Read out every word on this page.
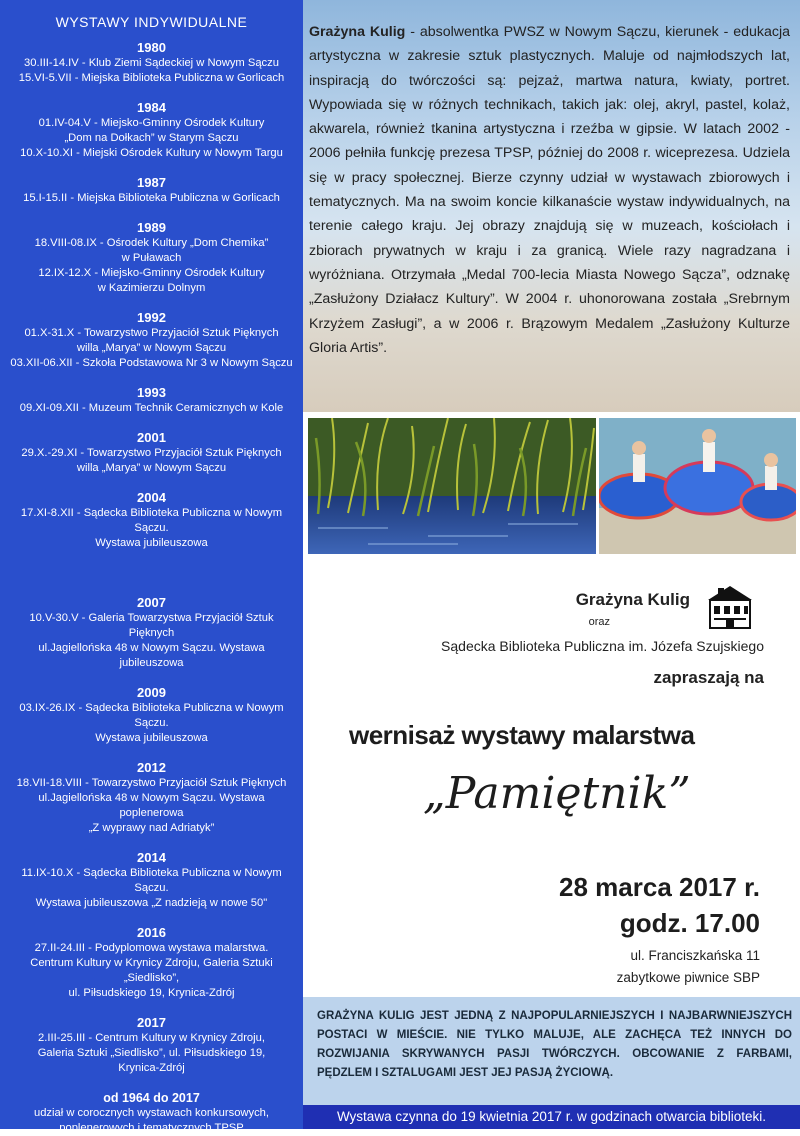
WYSTAWY INDYWIDUALNE
1980
30.III-14.IV - Klub Ziemi Sądeckiej w Nowym Sączu
15.VI-5.VII - Miejska Biblioteka Publiczna w Gorlicach
1984
01.IV-04.V - Miejsko-Gminny Ośrodek Kultury
„Dom na Dołkach” w Starym Sączu
10.X-10.XI - Miejski Ośrodek Kultury w Nowym Targu
1987
15.I-15.II - Miejska Biblioteka Publiczna w Gorlicach
1989
18.VIII-08.IX - Ośrodek Kultury „Dom Chemika”
w Puławach
12.IX-12.X - Miejsko-Gminny Ośrodek Kultury
w Kazimierzu Dolnym
1992
01.X-31.X - Towarzystwo Przyjaciół Sztuk Pięknych
willa „Marya” w Nowym Sączu
03.XII-06.XII - Szkoła Podstawowa Nr 3 w Nowym Sączu
1993
09.XI-09.XII - Muzeum Technik Ceramicznych w Kole
2001
29.X.-29.XI - Towarzystwo Przyjaciół Sztuk Pięknych
willa „Marya” w Nowym Sączu
2004
17.XI-8.XII - Sądecka Biblioteka Publiczna w Nowym Sączu.
Wystawa jubileuszowa
2007
10.V-30.V - Galeria Towarzystwa Przyjaciół Sztuk Pięknych
ul.Jagiellońska 48 w Nowym Sączu. Wystawa jubileuszowa
2009
03.IX-26.IX - Sądecka Biblioteka Publiczna w Nowym Sączu.
Wystawa jubileuszowa
2012
18.VII-18.VIII - Towarzystwo Przyjaciół Sztuk Pięknych
ul.Jagiellońska 48 w Nowym Sączu. Wystawa poplenerowa
„Z wyprawy nad Adriatyk”
2014
11.IX-10.X - Sądecka Biblioteka Publiczna w Nowym Sączu.
Wystawa jubileuszowa „Z nadzieją w nowe 50"
2016
27.II-24.III - Podyplomowa wystawa malarstwa.
Centrum Kultury w Krynicy Zdroju, Galeria Sztuki „Siedlisko”,
ul. Piłsudskiego 19, Krynica-Zdrój
2017
2.III-25.III - Centrum Kultury w Krynicy Zdroju,
Galeria Sztuki „Siedlisko”, ul. Piłsudskiego 19,
Krynica-Zdrój
od 1964 do 2017
udział w corocznych wystawach konkursowych,
poplenerowych i tematycznych TPSP
Grażyna Kulig - absolwentka PWSZ w Nowym Sączu, kierunek - edukacja artystyczna w zakresie sztuk plastycznych. Maluje od najmłodszych lat, inspiracją do twórczości są: pejzaż, martwa natura, kwiaty, portret. Wypowiada się w różnych technikach, takich jak: olej, akryl, pastel, kolaż, akwarela, również tkanina artystyczna i rzeźba w gipsie. W latach 2002 - 2006 pełniła funkcję prezesa TPSP, później do 2008 r. wiceprezesa. Udziela się w pracy społecznej. Bierze czynny udział w wystawach zbiorowych i tematycznych. Ma na swoim koncie kilkanaście wystaw indywidualnych, na terenie całego kraju. Jej obrazy znajdują się w muzeach, kościołach i zbiorach prywatnych w kraju i za granicą. Wiele razy nagradzana i wyróżniana. Otrzymała „Medal 700-lecia Miasta Nowego Sącza”, odznakę „Zasłużony Działacz Kultury”. W 2004 r. uhonorowana została „Srebrnym Krzyżem Zasługi”, a w 2006 r. Brązowym Medalem „Zasłużony Kulturze Gloria Artis”.
Grażyna Kulig
oraz
Sądecka Biblioteka Publiczna im. Józefa Szujskiego
zapraszają na
wernisaż wystawy malarstwa
„Pamiętnik”
28 marca 2017 r.
godz. 17.00
ul. Franciszkańska 11
zabytkowe piwnice SBP

GRAŻYNA KULIG JEST JEDNĄ Z NAJPOPULARNIEJSZYCH I NAJBARWNIEJSZYCH POSTACI W MIEŚCIE. NIE TYLKO MALUJE, ALE ZACHĘCA TEŻ INNYCH DO ROZWIJANIA SKRYWANYCH PASJI TWÓRCZYCH. OBCOWANIE Z FARBAMI, PĘDZLEM I SZTALUGAMI JEST JEJ PASJĄ ŻYCIOWĄ.

Wystawa czynna do 19 kwietnia 2017 r. w godzinach otwarcia biblioteki.
